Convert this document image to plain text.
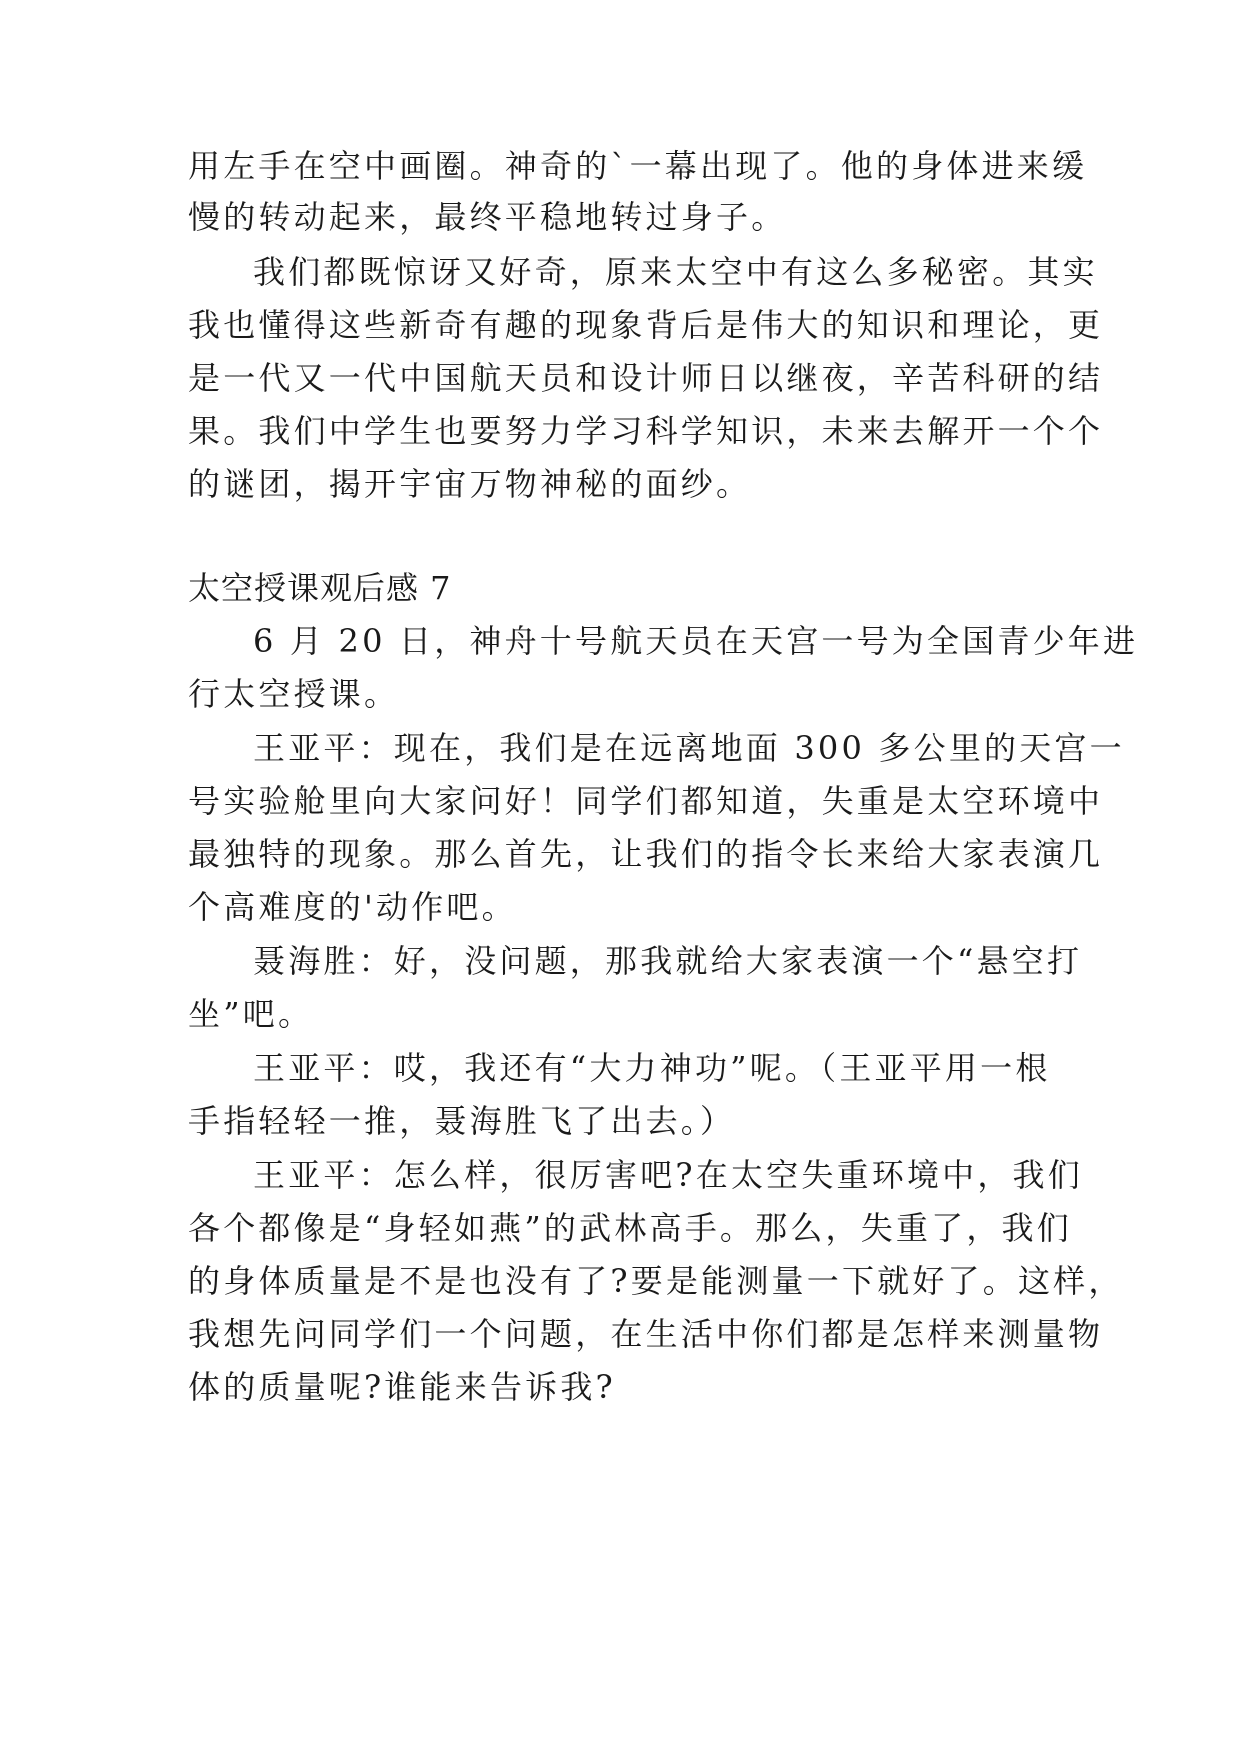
用左手在空中画圈。神奇的`一幕出现了。他的身体进来缓
慢的转动起来，最终平稳地转过身子。
我们都既惊讶又好奇，原来太空中有这么多秘密。其实
我也懂得这些新奇有趣的现象背后是伟大的知识和理论，更
是一代又一代中国航天员和设计师日以继夜，辛苦科研的结
果。我们中学生也要努力学习科学知识，未来去解开一个个
的谜团，揭开宇宙万物神秘的面纱。
太空授课观后感 7
6 月 20 日，神舟十号航天员在天宫一号为全国青少年进
行太空授课。
王亚平：现在，我们是在远离地面 300 多公里的天宫一
号实验舱里向大家问好！同学们都知道，失重是太空环境中
最独特的现象。那么首先，让我们的指令长来给大家表演几
个高难度的'动作吧。
聂海胜：好，没问题，那我就给大家表演一个“悬空打
坐”吧。
王亚平：哎，我还有“大力神功”呢。（王亚平用一根
手指轻轻一推，聂海胜飞了出去。）
王亚平：怎么样，很厉害吧?在太空失重环境中，我们
各个都像是“身轻如燕”的武林高手。那么，失重了，我们
的身体质量是不是也没有了?要是能测量一下就好了。这样，
我想先问同学们一个问题，在生活中你们都是怎样来测量物
体的质量呢?谁能来告诉我?
